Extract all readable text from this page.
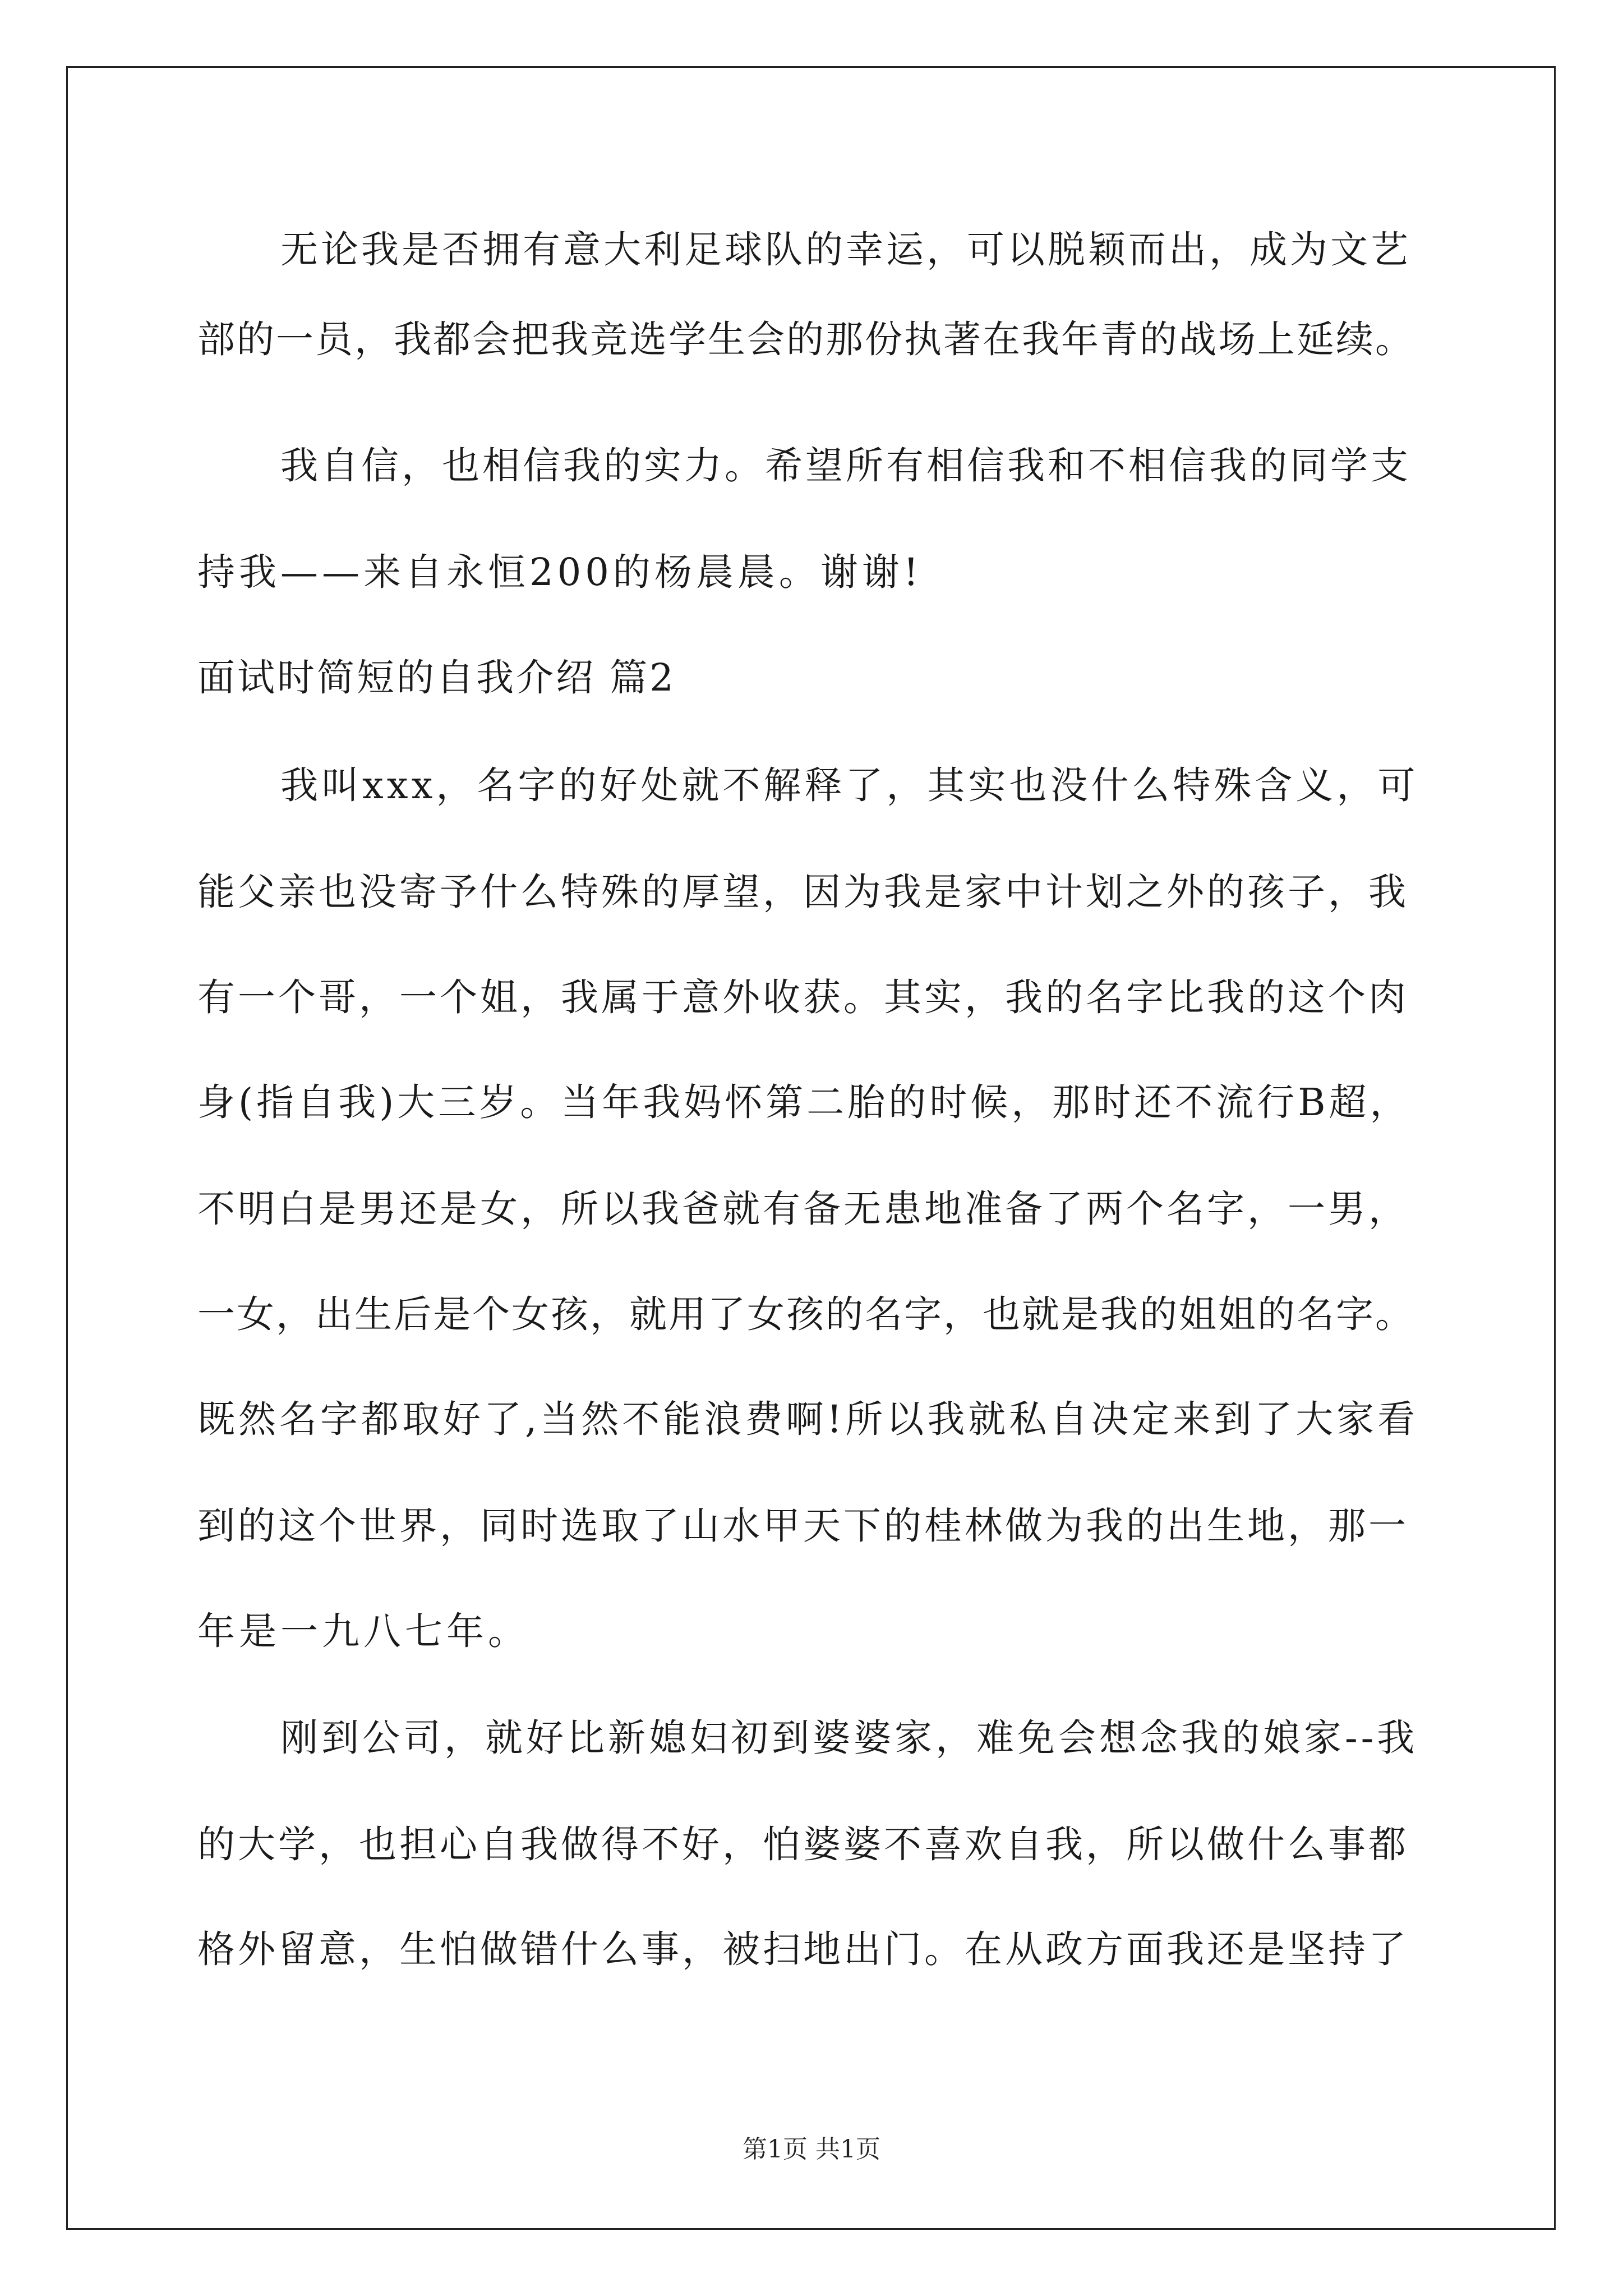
无论我是否拥有意大利足球队的幸运，可以脱颖而出，成为文艺
部的一员，我都会把我竞选学生会的那份执著在我年青的战场上延续。
我自信，也相信我的实力。希望所有相信我和不相信我的同学支
持我——来自永恒200的杨晨晨。谢谢!
面试时简短的自我介绍 篇2
我叫xxx，名字的好处就不解释了，其实也没什么特殊含义，可
能父亲也没寄予什么特殊的厚望，因为我是家中计划之外的孩子，我
有一个哥，一个姐，我属于意外收获。其实，我的名字比我的这个肉
身(指自我)大三岁。当年我妈怀第二胎的时候，那时还不流行B超，
不明白是男还是女，所以我爸就有备无患地准备了两个名字，一男，
一女，出生后是个女孩，就用了女孩的名字，也就是我的姐姐的名字。
既然名字都取好了,当然不能浪费啊!所以我就私自决定来到了大家看
到的这个世界，同时选取了山水甲天下的桂林做为我的出生地，那一
年是一九八七年。
刚到公司，就好比新媳妇初到婆婆家，难免会想念我的娘家--我
的大学，也担心自我做得不好，怕婆婆不喜欢自我，所以做什么事都
格外留意，生怕做错什么事，被扫地出门。在从政方面我还是坚持了
第1页 共1页
